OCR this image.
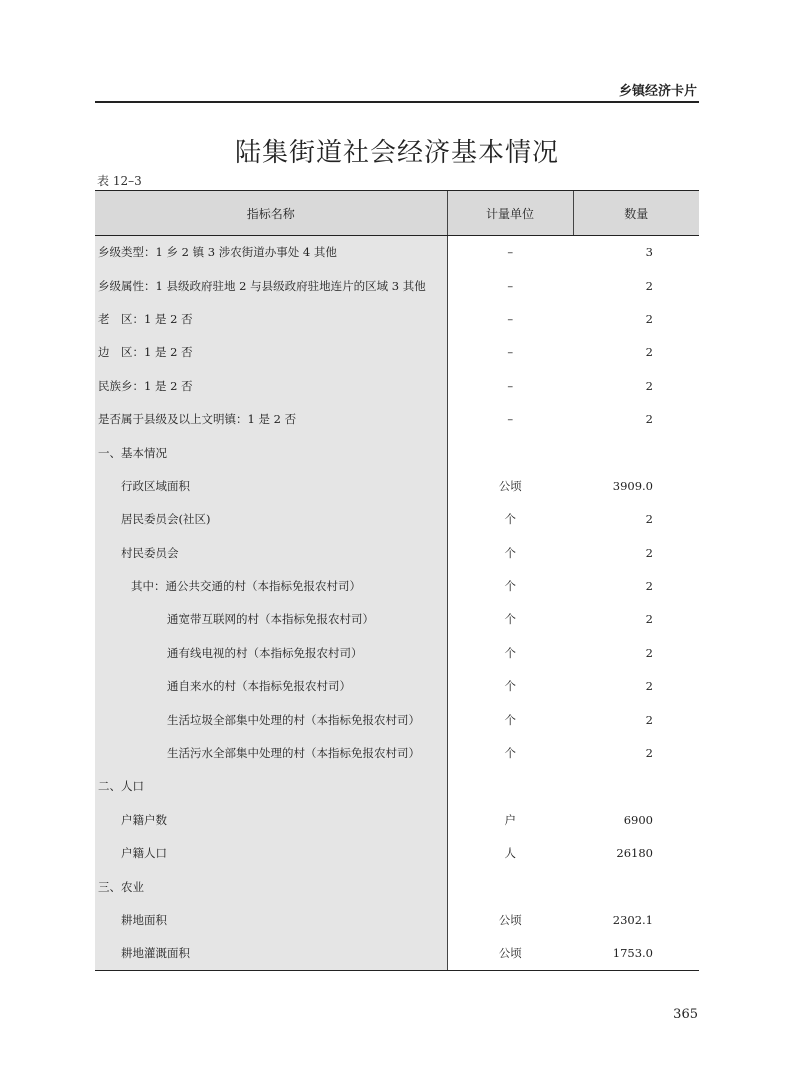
乡镇经济卡片
陆集街道社会经济基本情况
表 12–3
指标名称	计量单位	数量
乡级类型：1 乡 2 镇 3 涉农街道办事处 4 其他	–	3
乡级属性：1 县级政府驻地 2 与县级政府驻地连片的区域 3 其他	–	2
老　区：1 是 2 否	–	2
边　区：1 是 2 否	–	2
民族乡：1 是 2 否	–	2
是否属于县级及以上文明镇：1 是 2 否	–	2
一、基本情况		
行政区域面积	公顷	3909.0
居民委员会(社区)	个	2
村民委员会	个	2
其中：通公共交通的村（本指标免报农村司）	个	2
通宽带互联网的村（本指标免报农村司）	个	2
通有线电视的村（本指标免报农村司）	个	2
通自来水的村（本指标免报农村司）	个	2
生活垃圾全部集中处理的村（本指标免报农村司）	个	2
生活污水全部集中处理的村（本指标免报农村司）	个	2
二、人口		
户籍户数	户	6900
户籍人口	人	26180
三、农业		
耕地面积	公顷	2302.1
耕地灌溉面积	公顷	1753.0
365
